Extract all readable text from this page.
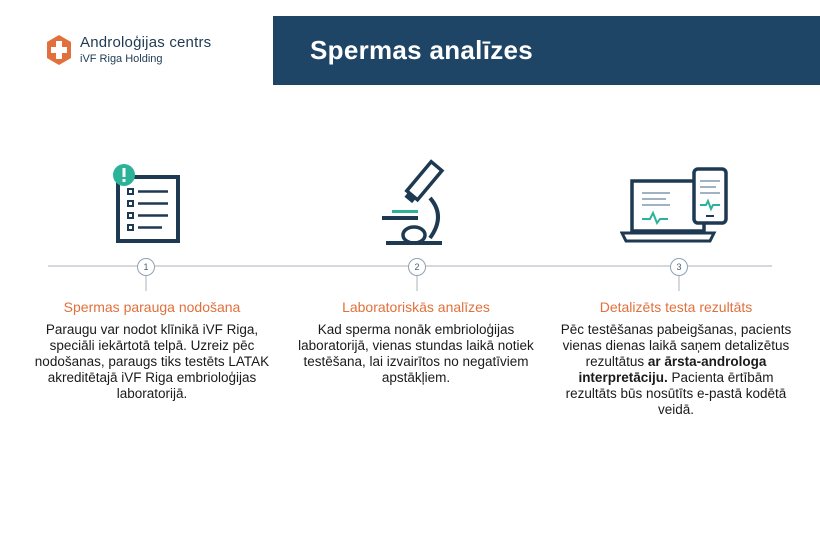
Androloģijas centrs
iVF Riga Holding	Spermas analīzes
1	2	3
Spermas parauga nodošana
Paraugu var nodot klīnikā iVF Riga, speciāli iekārtotā telpā. Uzreiz pēc nodošanas, paraugs tiks testēts LATAK akreditētajā iVF Riga embrioloģijas laboratorijā.
Laboratoriskās analīzes
Kad sperma nonāk embrioloģijas laboratorijā, vienas stundas laikā notiek testēšana, lai izvairītos no negatīviem apstākļiem.
Detalizēts testa rezultāts
Pēc testēšanas pabeigšanas, pacients vienas dienas laikā saņem detalizētus rezultātus ar ārsta-androloga interpretāciju. Pacienta ērtībām rezultāts būs nosūtīts e-pastā kodētā veidā.
